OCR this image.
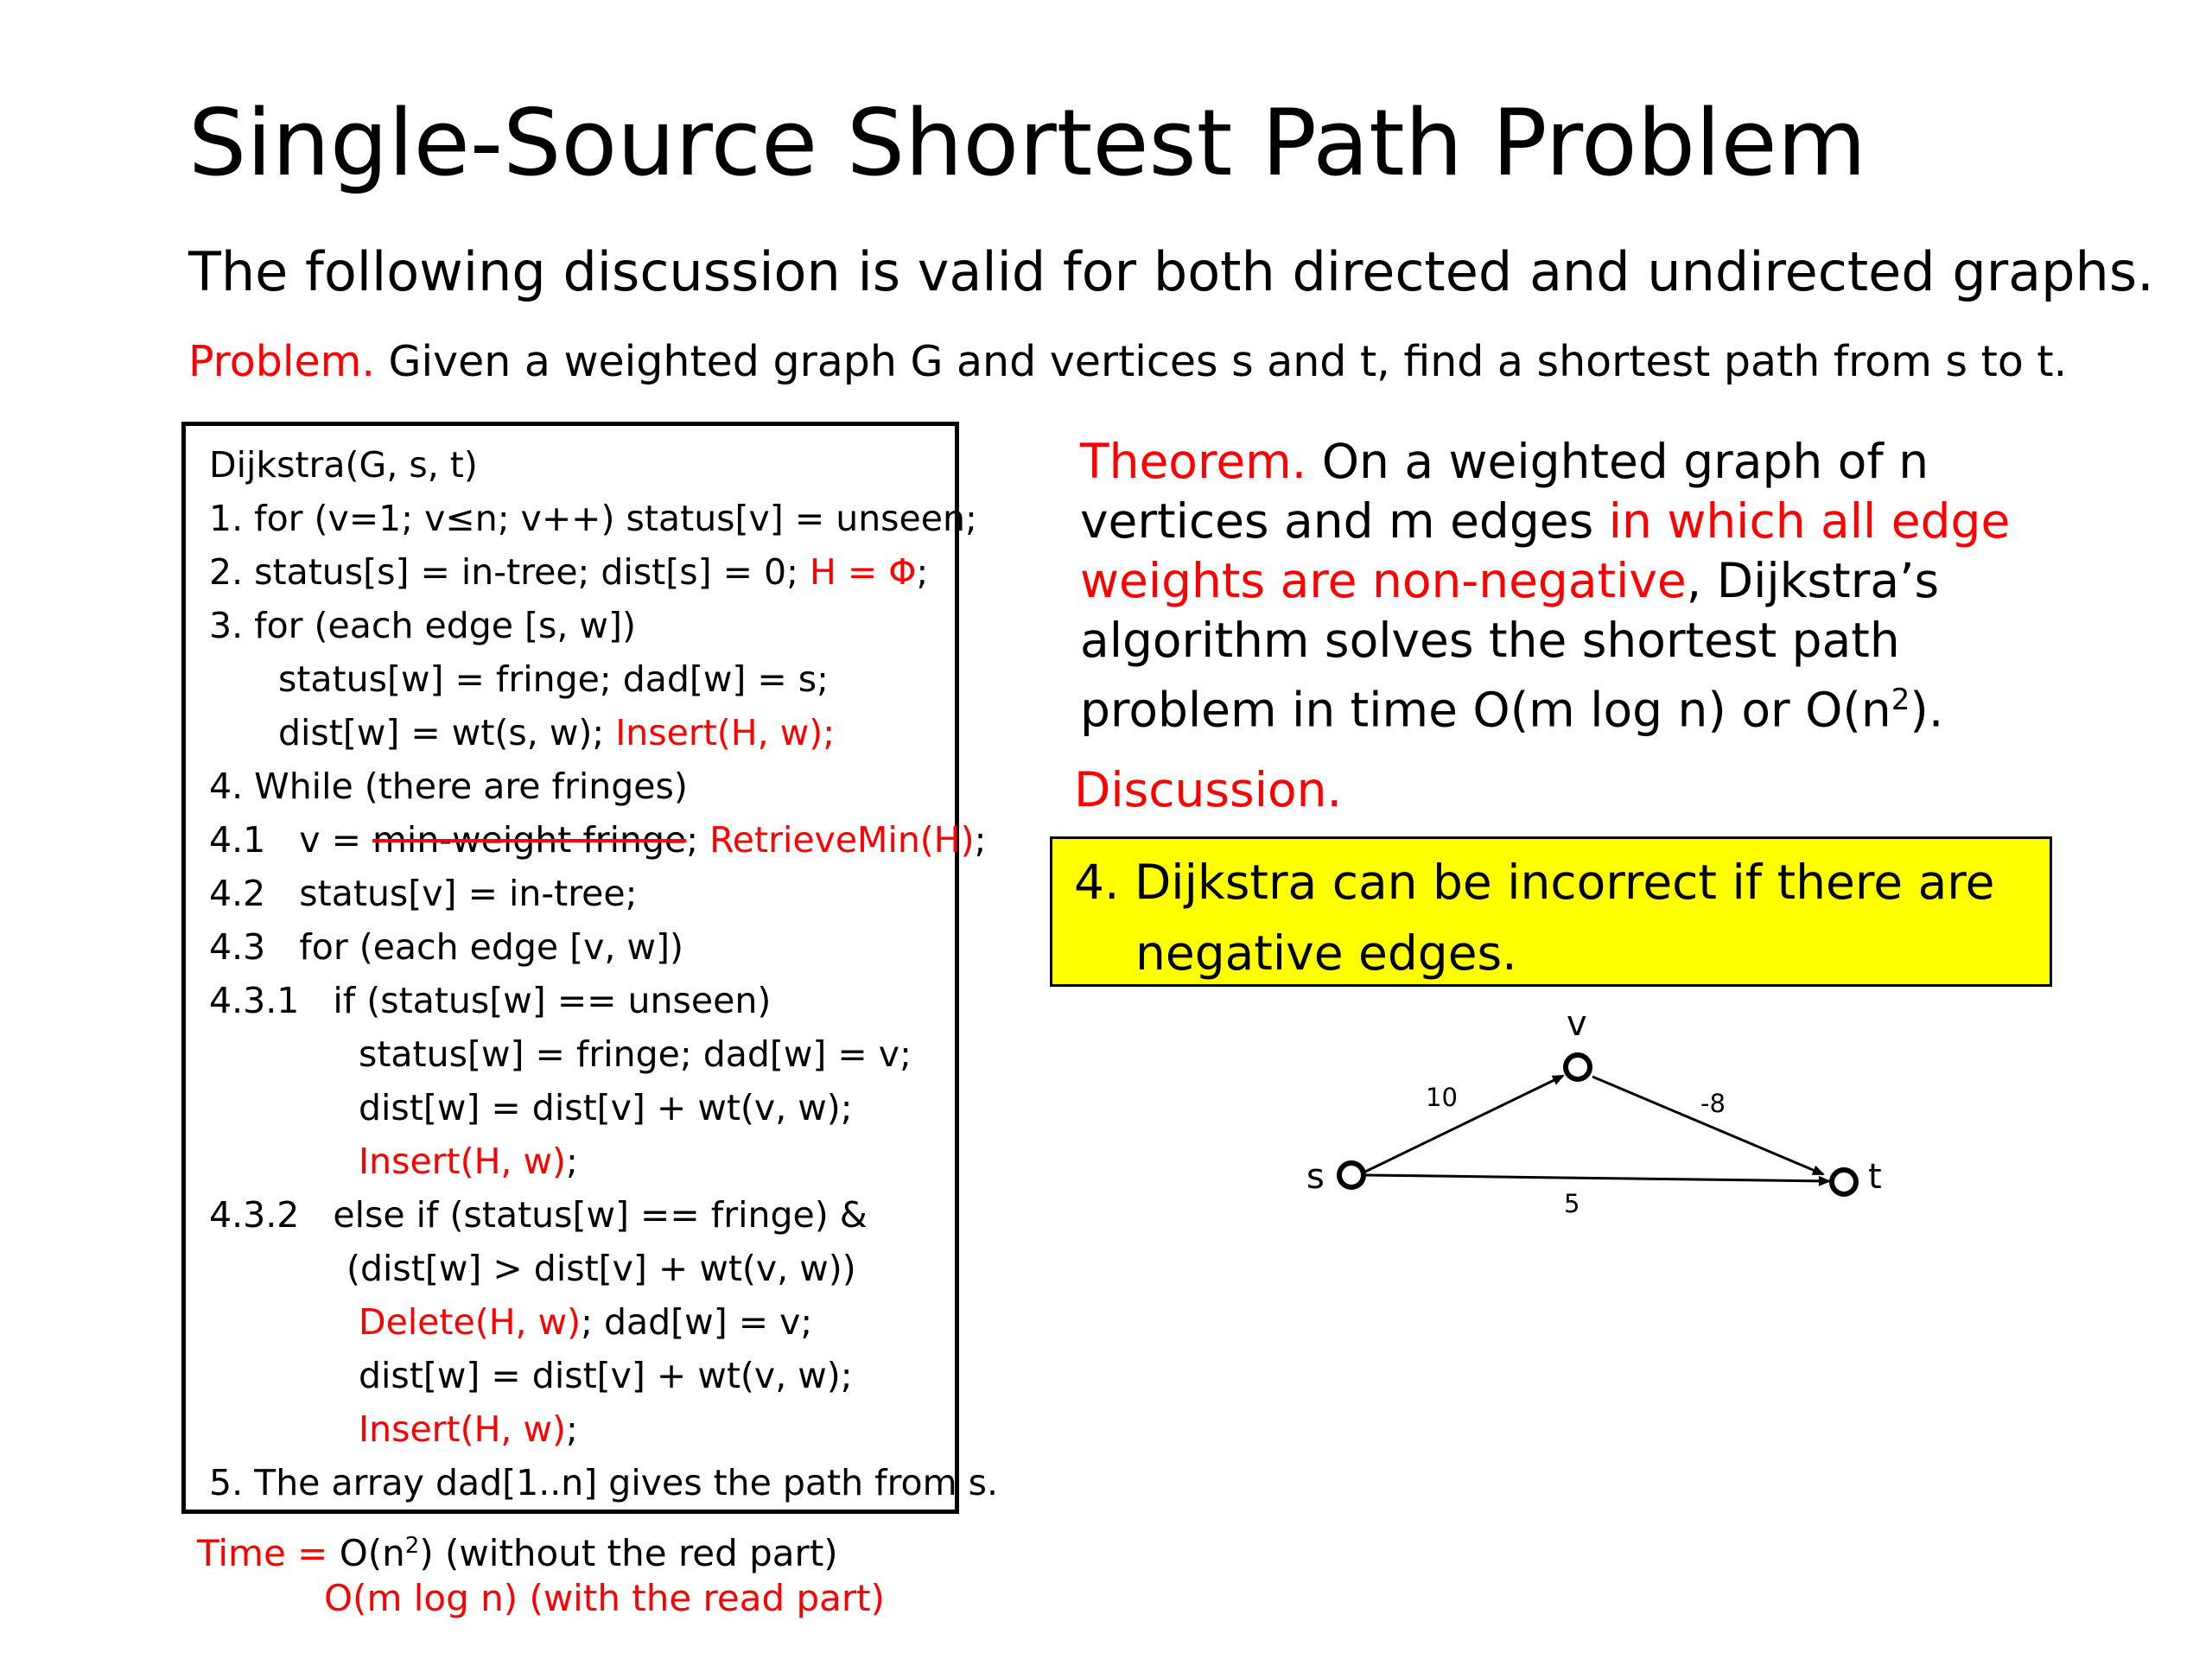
Single-Source Shortest Path Problem
The following discussion is valid for both directed and undirected graphs.
Problem. Given a weighted graph G and vertices s and t, find a shortest path from s to t.
Dijkstra(G, s, t)
1. for (v=1; v≤n; v++) status[v] = unseen;
2. status[s] = in-tree; dist[s] = 0; H = Φ;
3. for (each edge [s, w])
status[w] = fringe; dad[w] = s;
dist[w] = wt(s, w); Insert(H, w);
4. While (there are fringes)
4.1   v = min-weight fringe; RetrieveMin(H);
4.2   status[v] = in-tree;
4.3   for (each edge [v, w])
4.3.1   if (status[w] == unseen)
status[w] = fringe; dad[w] = v;
dist[w] = dist[v] + wt(v, w);
Insert(H, w);
4.3.2   else if (status[w] == fringe) &
(dist[w] > dist[v] + wt(v, w))
Delete(H, w); dad[w] = v;
dist[w] = dist[v] + wt(v, w);
Insert(H, w);
5. The array dad[1..n] gives the path from s.
Time = $O(n^2)$ (without the red part)
O(m log n) (with the read part)
Theorem. On a weighted graph of n vertices and m edges in which all edge weights are non-negative, Dijkstra’s algorithm solves the shortest path problem in time O(m log n) or $O(n^2)$.
Discussion.
4. Dijkstra can be incorrect if there are
negative edges.
s
v
t
10	-8
5
